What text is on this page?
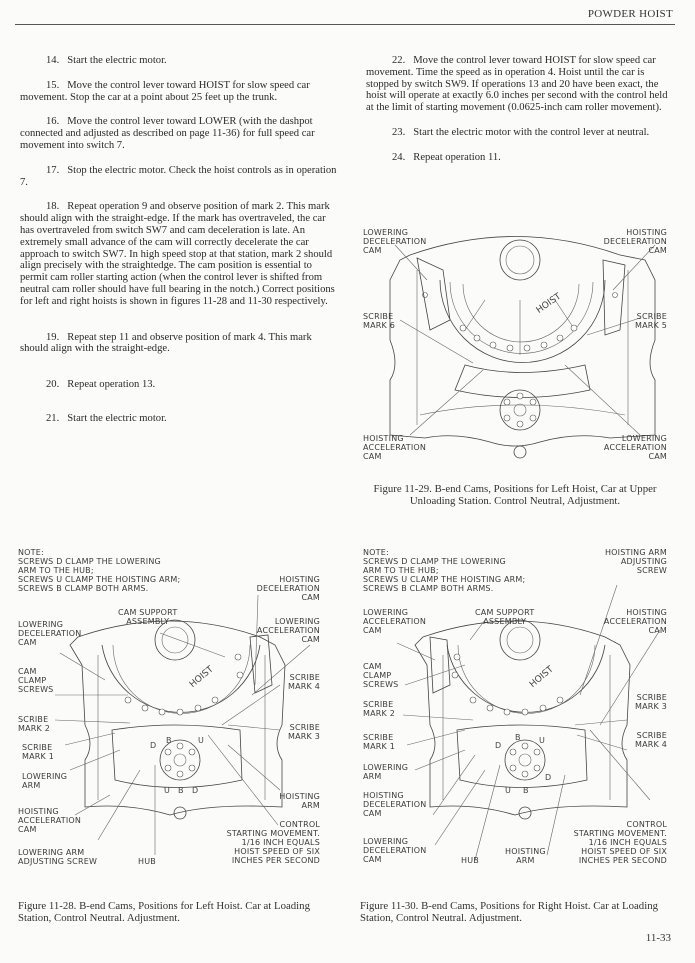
POWDER HOIST

14. Start the electric motor.

15. Move the control lever toward HOIST for slow speed car movement. Stop the car at a point about 25 feet up the trunk.

16. Move the control lever toward LOWER (with the dashpot connected and adjusted as described on page 11-36) for full speed car movement into switch 7.

17. Stop the electric motor. Check the hoist controls as in operation 7.

18. Repeat operation 9 and observe position of mark 2. This mark should align with the straight-edge. If the mark has overtraveled, the car has overtraveled from switch SW7 and cam deceleration is late. An extremely small advance of the cam will correctly decelerate the car approach to switch SW7. In high speed stop at that station, mark 2 should align precisely with the straightedge. The cam position is essential to permit cam roller starting action (when the control lever is shifted from neutral cam roller should have full bearing in the notch.) Correct positions for left and right hoists is shown in figures 11-28 and 11-30 respectively.

19. Repeat step 11 and observe position of mark 4. This mark should align with the straight-edge.

20. Repeat operation 13.

21. Start the electric motor.

22. Move the control lever toward HOIST for slow speed car movement. Time the speed as in operation 4. Hoist until the car is stopped by switch SW9. If operations 13 and 20 have been exact, the hoist will operate at exactly 6.0 inches per second with the control held at the limit of starting movement (0.0625-inch cam roller movement).

23. Start the electric motor with the control lever at neutral.

24. Repeat operation 11.

HOIST
LOWERING
DECELERATION
CAM
HOISTING
DECELERATION
CAM
SCRIBE
MARK 6
SCRIBE
MARK 5
HOISTING
ACCELERATION
CAM
LOWERING
ACCELERATION
CAM
Figure 11-29. B-end Cams, Positions for Left Hoist, Car at Upper Unloading Station. Control Neutral, Adjustment.
HOIST
D
B	U
U B D
NOTE:
SCREWS D CLAMP THE LOWERING
ARM TO THE HUB;
SCREWS U CLAMP THE HOISTING ARM;
SCREWS B CLAMP BOTH ARMS.
HOISTING
DECELERATION
CAM
CAM SUPPORT
ASSEMBLY
LOWERING
DECELERATION
CAM
LOWERING
ACCELERATION
CAM
CAM
CLAMP
SCREWS
SCRIBE
MARK 4
SCRIBE
MARK 2	SCRIBE
MARK 3
SCRIBE
MARK 1
LOWERING
ARM
HOISTING
ARM
HOISTING
ACCELERATION
CAM
CONTROL
STARTING MOVEMENT.
1/16 INCH EQUALS
HOIST SPEED OF SIX
INCHES PER SECOND
LOWERING ARM
ADJUSTING SCREW	HUB
Figure 11-28. B-end Cams, Positions for Left Hoist. Car at Loading Station, Control Neutral. Adjustment.
HOIST
D
B U
D
U B
NOTE:
SCREWS D CLAMP THE LOWERING
ARM TO THE HUB;
SCREWS U CLAMP THE HOISTING ARM;
SCREWS B CLAMP BOTH ARMS.
HOISTING ARM
ADJUSTING
SCREW
LOWERING
ACCELERATION
CAM
CAM SUPPORT
ASSEMBLY
HOISTING
ACCELERATION
CAM
CAM
CLAMP
SCREWS
SCRIBE
MARK 2
SCRIBE
MARK 3
SCRIBE
MARK 1
SCRIBE
MARK 4
LOWERING
ARM
HOISTING
DECELERATION
CAM
CONTROL
STARTING MOVEMENT.
1/16 INCH EQUALS
HOIST SPEED OF SIX
INCHES PER SECOND
LOWERING
DECELERATION
CAM	HUB
HOISTING
ARM
Figure 11-30. B-end Cams, Positions for Right Hoist. Car at Loading Station, Control Neutral. Adjustment.
11-33
